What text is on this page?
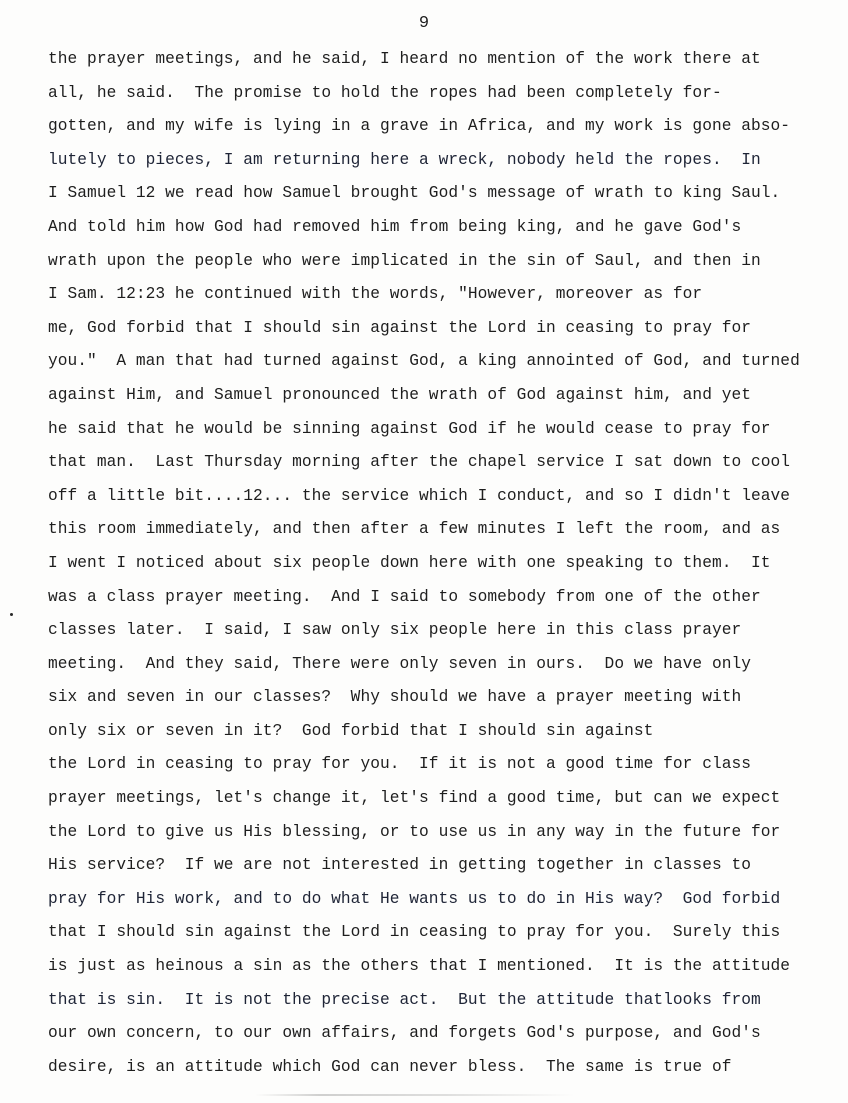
9
the prayer meetings, and he said, I heard no mention of the work there at
all, he said.  The promise to hold the ropes had been completely for-
gotten, and my wife is lying in a grave in Africa, and my work is gone abso-
lutely to pieces, I am returning here a wreck, nobody held the ropes.  In
I Samuel 12 we read how Samuel brought God's message of wrath to king Saul.
And told him how God had removed him from being king, and he gave God's
wrath upon the people who were implicated in the sin of Saul, and then in
I Sam. 12:23 he continued with the words, "However, moreover as for
me, God forbid that I should sin against the Lord in ceasing to pray for
you."  A man that had turned against God, a king annointed of God, and turned
against Him, and Samuel pronounced the wrath of God against him, and yet
he said that he would be sinning against God if he would cease to pray for
that man.  Last Thursday morning after the chapel service I sat down to cool
off a little bit....12... the service which I conduct, and so I didn't leave
this room immediately, and then after a few minutes I left the room, and as
I went I noticed about six people down here with one speaking to them.  It
was a class prayer meeting.  And I said to somebody from one of the other
classes later.  I said, I saw only six people here in this class prayer
meeting.  And they said, There were only seven in ours.  Do we have only
six and seven in our classes?  Why should we have a prayer meeting with
only six or seven in it?  God forbid that I should sin against
the Lord in ceasing to pray for you.  If it is not a good time for class
prayer meetings, let's change it, let's find a good time, but can we expect
the Lord to give us His blessing, or to use us in any way in the future for
His service?  If we are not interested in getting together in classes to
pray for His work, and to do what He wants us to do in His way?  God forbid
that I should sin against the Lord in ceasing to pray for you.  Surely this
is just as heinous a sin as the others that I mentioned.  It is the attitude
that is sin.  It is not the precise act.  But the attitude thatlooks from
our own concern, to our own affairs, and forgets God's purpose, and God's
desire, is an attitude which God can never bless.  The same is true of
